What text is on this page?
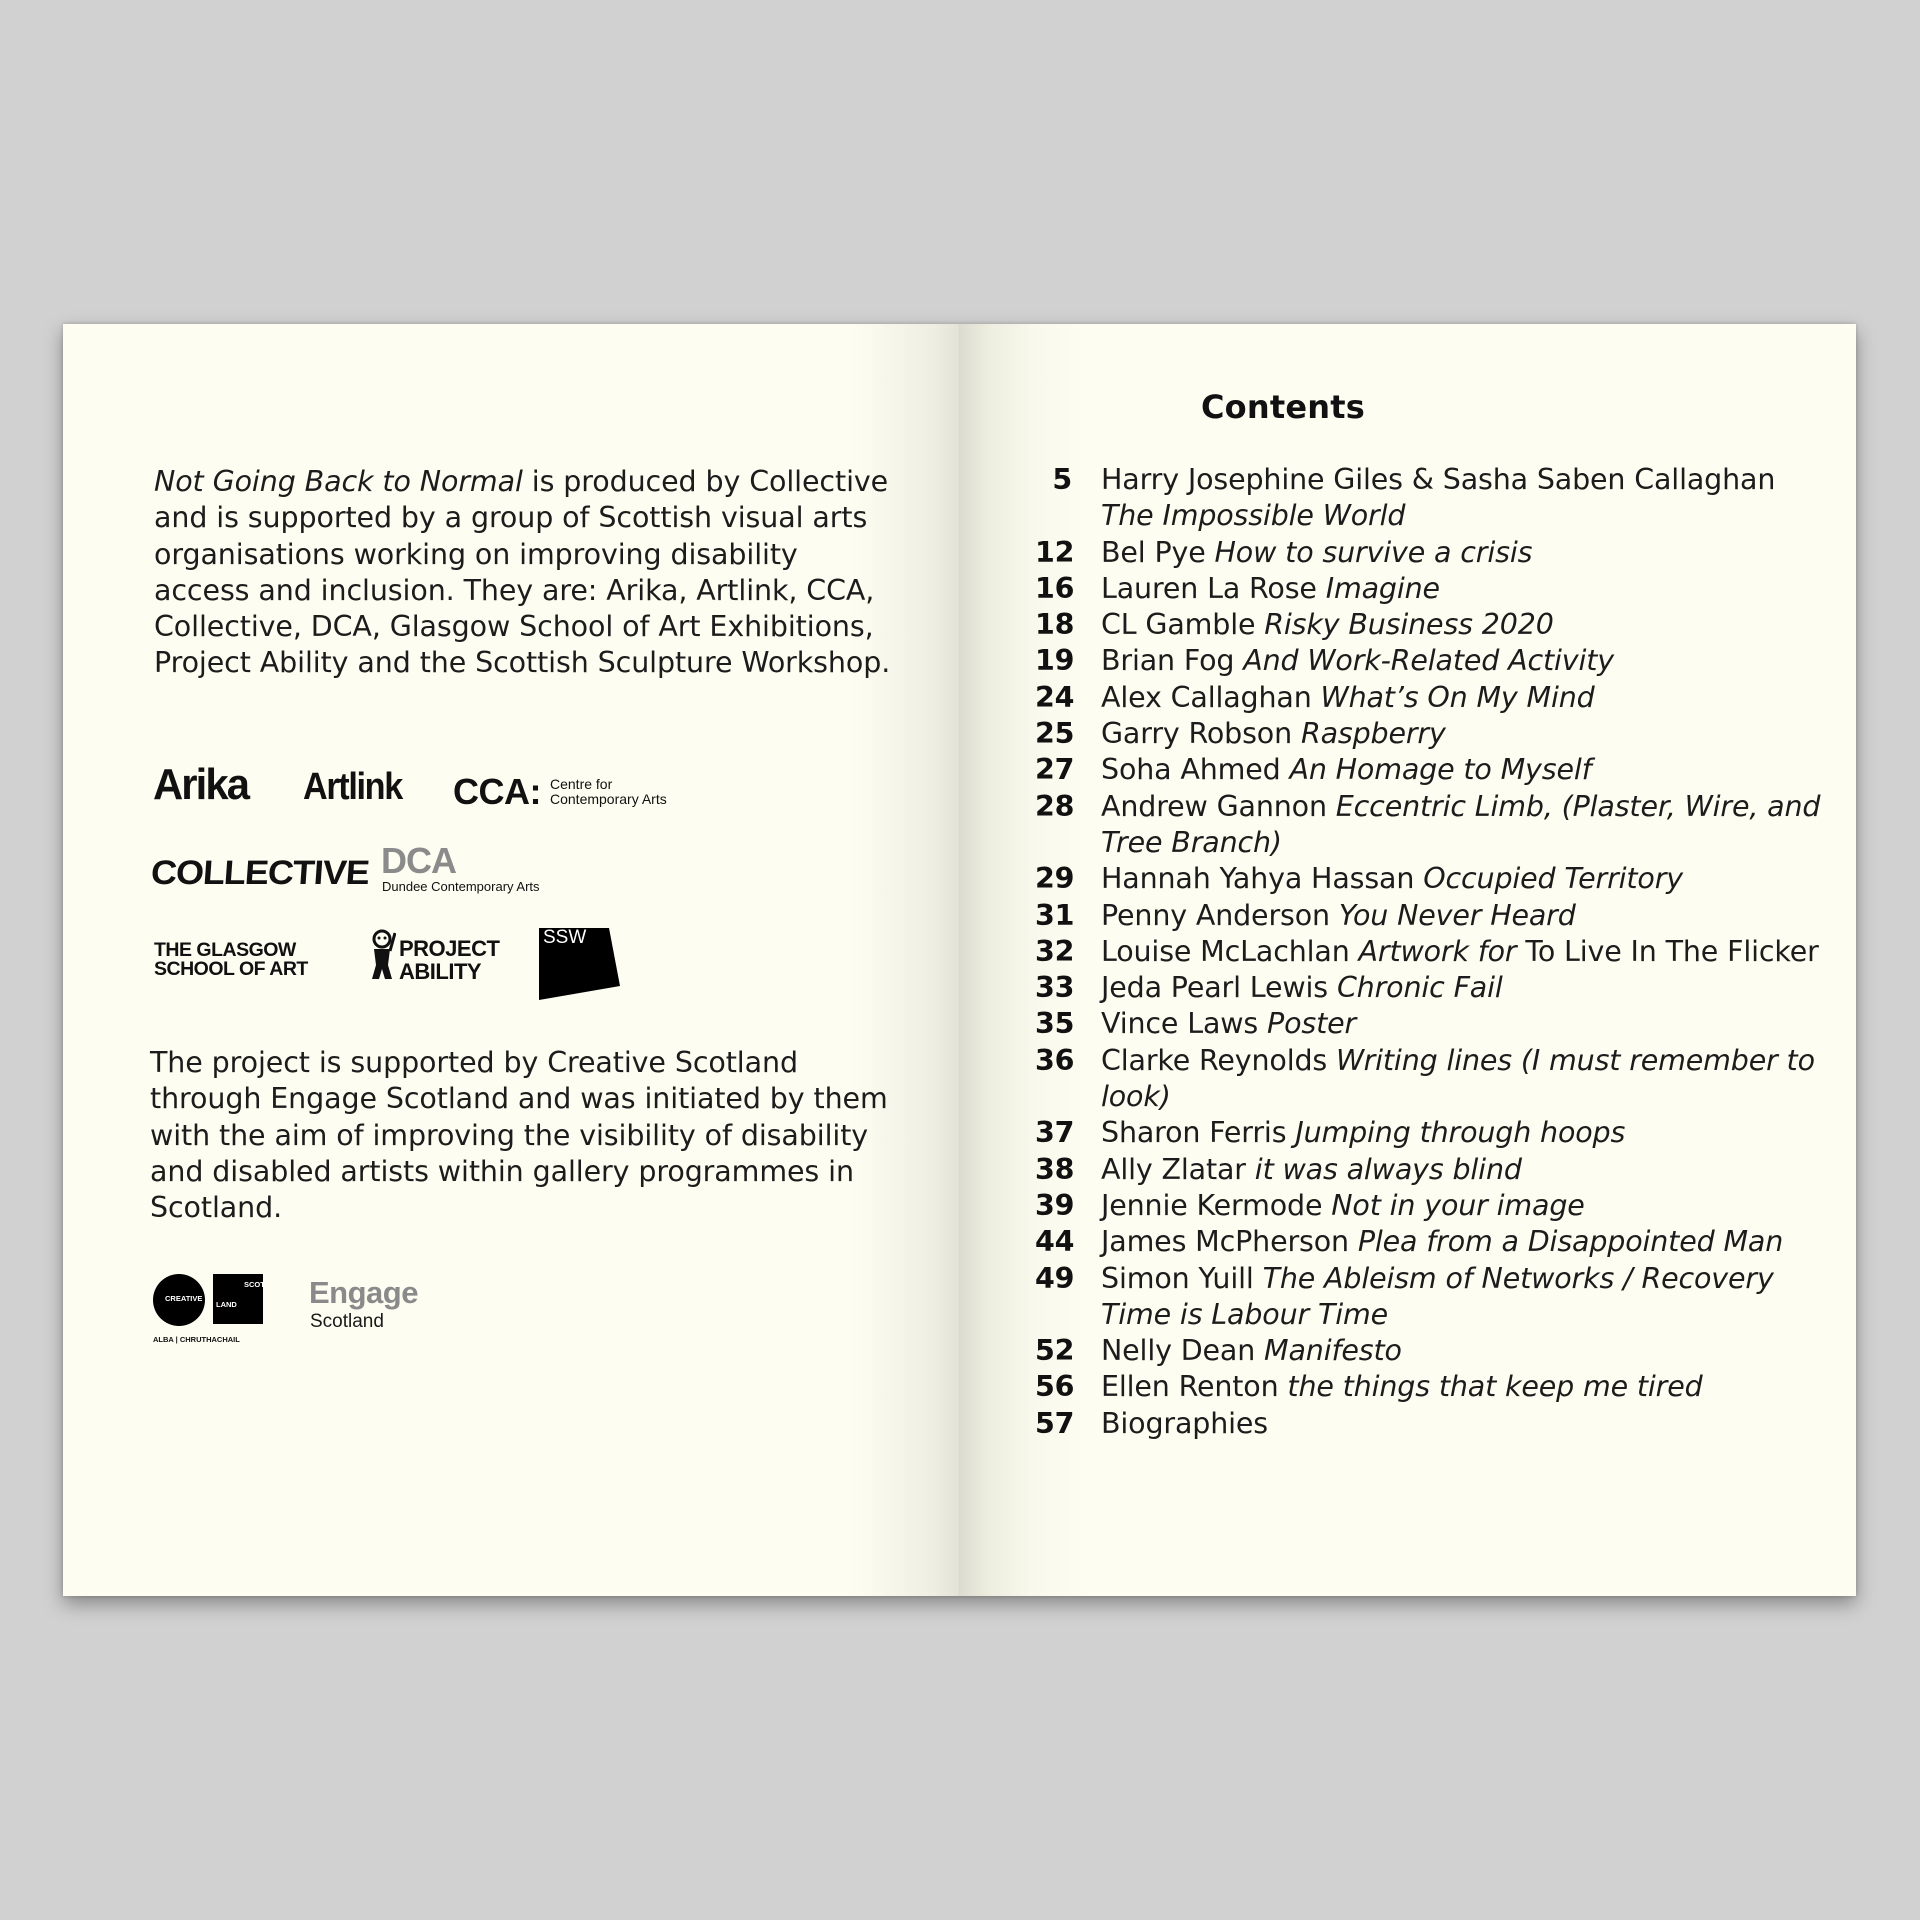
Not Going Back to Normal is produced by Collective and is supported by a group of Scottish visual arts organisations working on improving disability access and inclusion. They are: Arika, Artlink, CCA, Collective, DCA, Glasgow School of Art Exhibitions, Project Ability and the Scottish Sculpture Workshop.

Arika Artlink CCA: Centre for Contemporary Arts
COLLECTIVE DCA
Dundee Contemporary Arts
THE GLASGOW
SCHOOL OF ART
PROJECT
ABILITY
SSW

The project is supported by Creative Scotland through Engage Scotland and was initiated by them with the aim of improving the visibility of disability and disabled artists within gallery programmes in Scotland.

CREATIVE
SCOT
LAND
ALBA | CHRUTHACHAIL
Engage
Scotland
Contents
5 Harry Josephine Giles & Sasha Saben Callaghan The Impossible World
12 Bel Pye How to survive a crisis
16 Lauren La Rose Imagine
18 CL Gamble Risky Business 2020
19 Brian Fog And Work-Related Activity
24 Alex Callaghan What’s On My Mind
25 Garry Robson Raspberry
27 Soha Ahmed An Homage to Myself
28 Andrew Gannon Eccentric Limb, (Plaster, Wire, and Tree Branch)
29 Hannah Yahya Hassan Occupied Territory
31 Penny Anderson You Never Heard
32 Louise McLachlan Artwork for To Live In The Flicker
33 Jeda Pearl Lewis Chronic Fail
35 Vince Laws Poster
36 Clarke Reynolds Writing lines (I must remember to look)
37 Sharon Ferris Jumping through hoops
38 Ally Zlatar it was always blind
39 Jennie Kermode Not in your image
44 James McPherson Plea from a Disappointed Man
49 Simon Yuill The Ableism of Networks / Recovery Time is Labour Time
52 Nelly Dean Manifesto
56 Ellen Renton the things that keep me tired
57 Biographies
